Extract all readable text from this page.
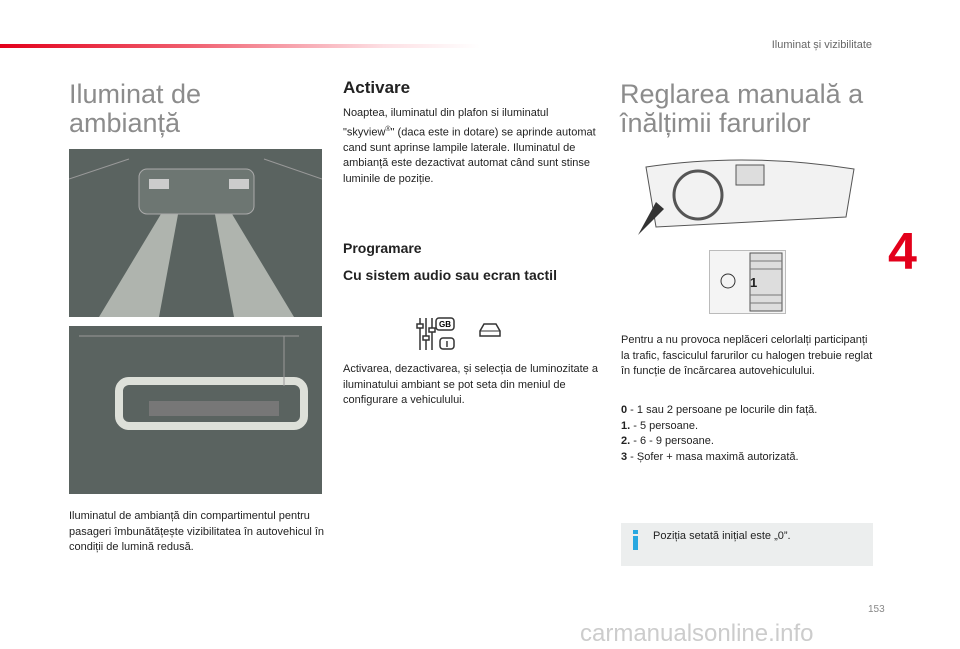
Iluminat și vizibilitate
Iluminat de
ambianță
Iluminatul de ambianță din compartimentul pentru pasageri îmbunătățește vizibilitatea în autovehicul în condiții de lumină redusă.
Activare
Noaptea, iluminatul din plafon si iluminatul "skyview®" (daca este in dotare) se aprinde automat cand sunt aprinse lampile laterale. Iluminatul de ambianță este dezactivat automat când sunt stinse luminile de poziție.
Programare
Cu sistem audio sau ecran tactil
GB
I
Activarea, dezactivarea, și selecția de luminozitate a iluminatului ambiant se pot seta din meniul de configurare a vehiculului.
Reglarea manuală a
înălțimii farurilor
1
Pentru a nu provoca neplăceri celorlalți participanți la trafic, fasciculul farurilor cu halogen trebuie reglat în funcție de încărcarea autovehiculului.
0 - 1 sau 2 persoane pe locurile din față.
1. - 5 persoane.
2. - 6 - 9 persoane.
3 - Șofer + masa maximă autorizată.
Poziția setată inițial este „0”.
4
153
carmanualsonline.info
